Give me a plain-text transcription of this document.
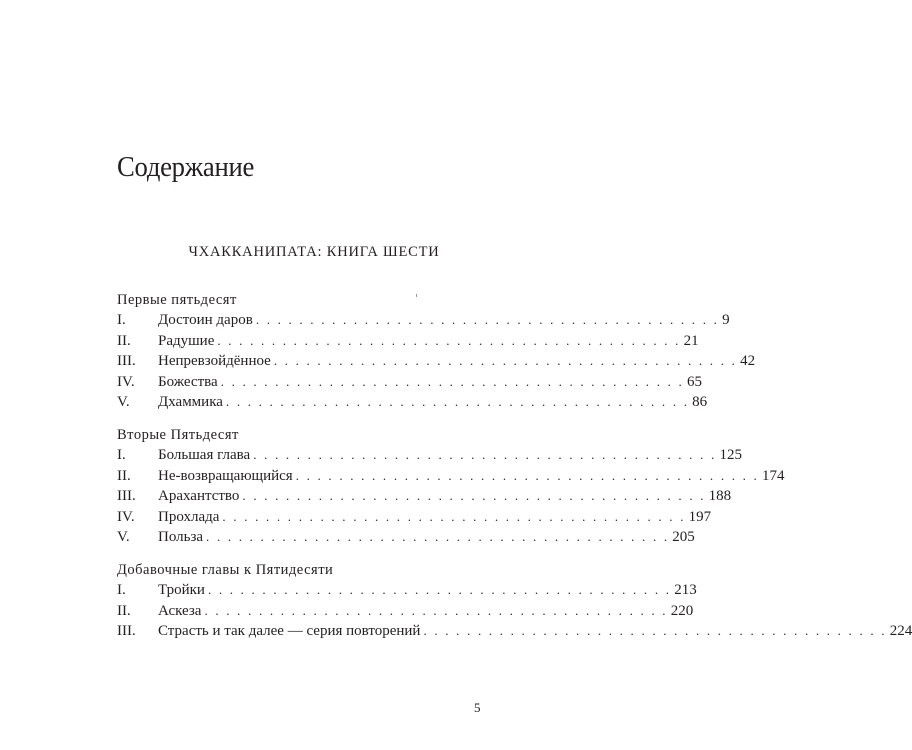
Содержание
ЧХАККАНИПАТА: КНИГА ШЕСТИ
Первые пятьдесят
I.	Достоин даров . . . . . . . . . . . . . . . . . . . . . . . . . . . . . . . . . . . . . . . . . . . 9
II.	Радушие . . . . . . . . . . . . . . . . . . . . . . . . . . . . . . . . . . . . . . . . . . . 21
III.	Непревзойдённое . . . . . . . . . . . . . . . . . . . . . . . . . . . . . . . . . . . . . . . . . . . 42
IV.	Божества . . . . . . . . . . . . . . . . . . . . . . . . . . . . . . . . . . . . . . . . . . . 65
V.	Дхаммика . . . . . . . . . . . . . . . . . . . . . . . . . . . . . . . . . . . . . . . . . . . 86
Вторые Пятьдесят
I.	Большая глава . . . . . . . . . . . . . . . . . . . . . . . . . . . . . . . . . . . . . . . . . . . 125
II.	Не-возвращающийся . . . . . . . . . . . . . . . . . . . . . . . . . . . . . . . . . . . . . . . . . . . 174
III.	Арахантство . . . . . . . . . . . . . . . . . . . . . . . . . . . . . . . . . . . . . . . . . . . 188
IV.	Прохлада . . . . . . . . . . . . . . . . . . . . . . . . . . . . . . . . . . . . . . . . . . . 197
V.	Польза . . . . . . . . . . . . . . . . . . . . . . . . . . . . . . . . . . . . . . . . . . . 205
Добавочные главы к Пятидесяти
I.	Тройки . . . . . . . . . . . . . . . . . . . . . . . . . . . . . . . . . . . . . . . . . . . 213
II.	Аскеза . . . . . . . . . . . . . . . . . . . . . . . . . . . . . . . . . . . . . . . . . . . 220
III.	Страсть и так далее — серия повторений . . . . . . . . . . . . . . . . . . . . . . . . . . . . . . . . . . . . . . . . . . . 224
5
